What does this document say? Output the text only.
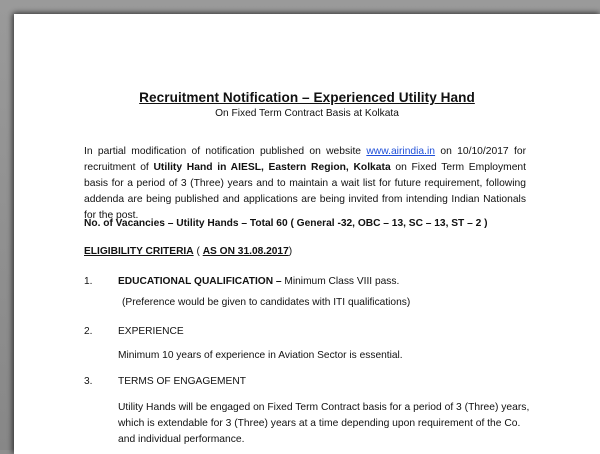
Recruitment Notification – Experienced Utility Hand
On Fixed Term Contract Basis at Kolkata
In partial modification of notification published on website www.airindia.in on 10/10/2017 for recruitment of Utility Hand in AIESL, Eastern Region, Kolkata on Fixed Term Employment basis for a period of 3 (Three) years and to maintain a wait list for future requirement, following addenda are being published and applications are being invited from intending Indian Nationals for the post.
No. of Vacancies – Utility Hands – Total 60 ( General -32, OBC – 13, SC – 13, ST – 2 )
ELIGIBILITY CRITERIA ( AS ON 31.08.2017)
1.	EDUCATIONAL QUALIFICATION – Minimum Class VIII pass.
(Preference would be given to candidates with ITI qualifications)
2.	EXPERIENCE
Minimum 10 years of experience in Aviation Sector is essential.
3.	TERMS OF ENGAGEMENT
Utility Hands will be engaged on Fixed Term Contract basis for a period of 3 (Three) years, which is extendable for 3 (Three) years at a time depending upon requirement of the Co. and individual performance.
